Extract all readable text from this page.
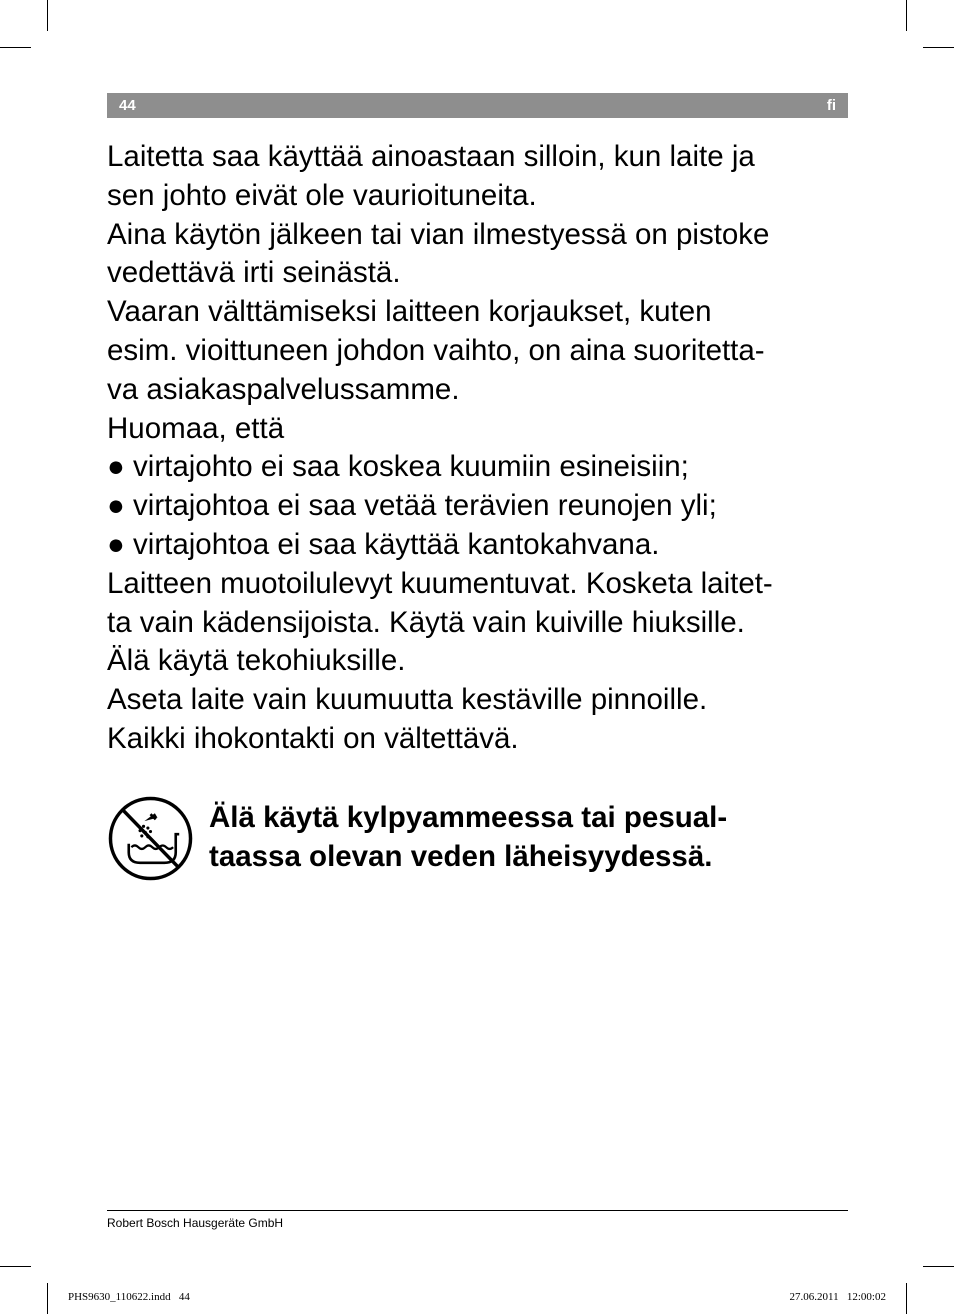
44	fi
Laitetta saa käyttää ainoastaan silloin, kun laite ja
sen johto eivät ole vaurioituneita.
Aina käytön jälkeen tai vian ilmestyessä on pistoke
vedettävä irti seinästä.
Vaaran välttämiseksi laitteen korjaukset, kuten
esim. vioittuneen johdon vaihto, on aina suoritetta-
va asiakaspalvelussamme.
Huomaa, että
● virtajohto ei saa koskea kuumiin esineisiin;
● virtajohtoa ei saa vetää terävien reunojen yli;
● virtajohtoa ei saa käyttää kantokahvana.
Laitteen muotoilulevyt kuumentuvat. Kosketa laitet-
ta vain kädensijoista. Käytä vain kuiville hiuksille.
Älä käytä tekohiuksille.
Aseta laite vain kuumuutta kestäville pinnoille.
Kaikki ihokontakti on vältettävä.
Älä käytä kylpyammeessa tai pesual-
taassa olevan veden läheisyydessä.
Robert Bosch Hausgeräte GmbH
PHS9630_110622.indd   44	27.06.2011   12:00:02
